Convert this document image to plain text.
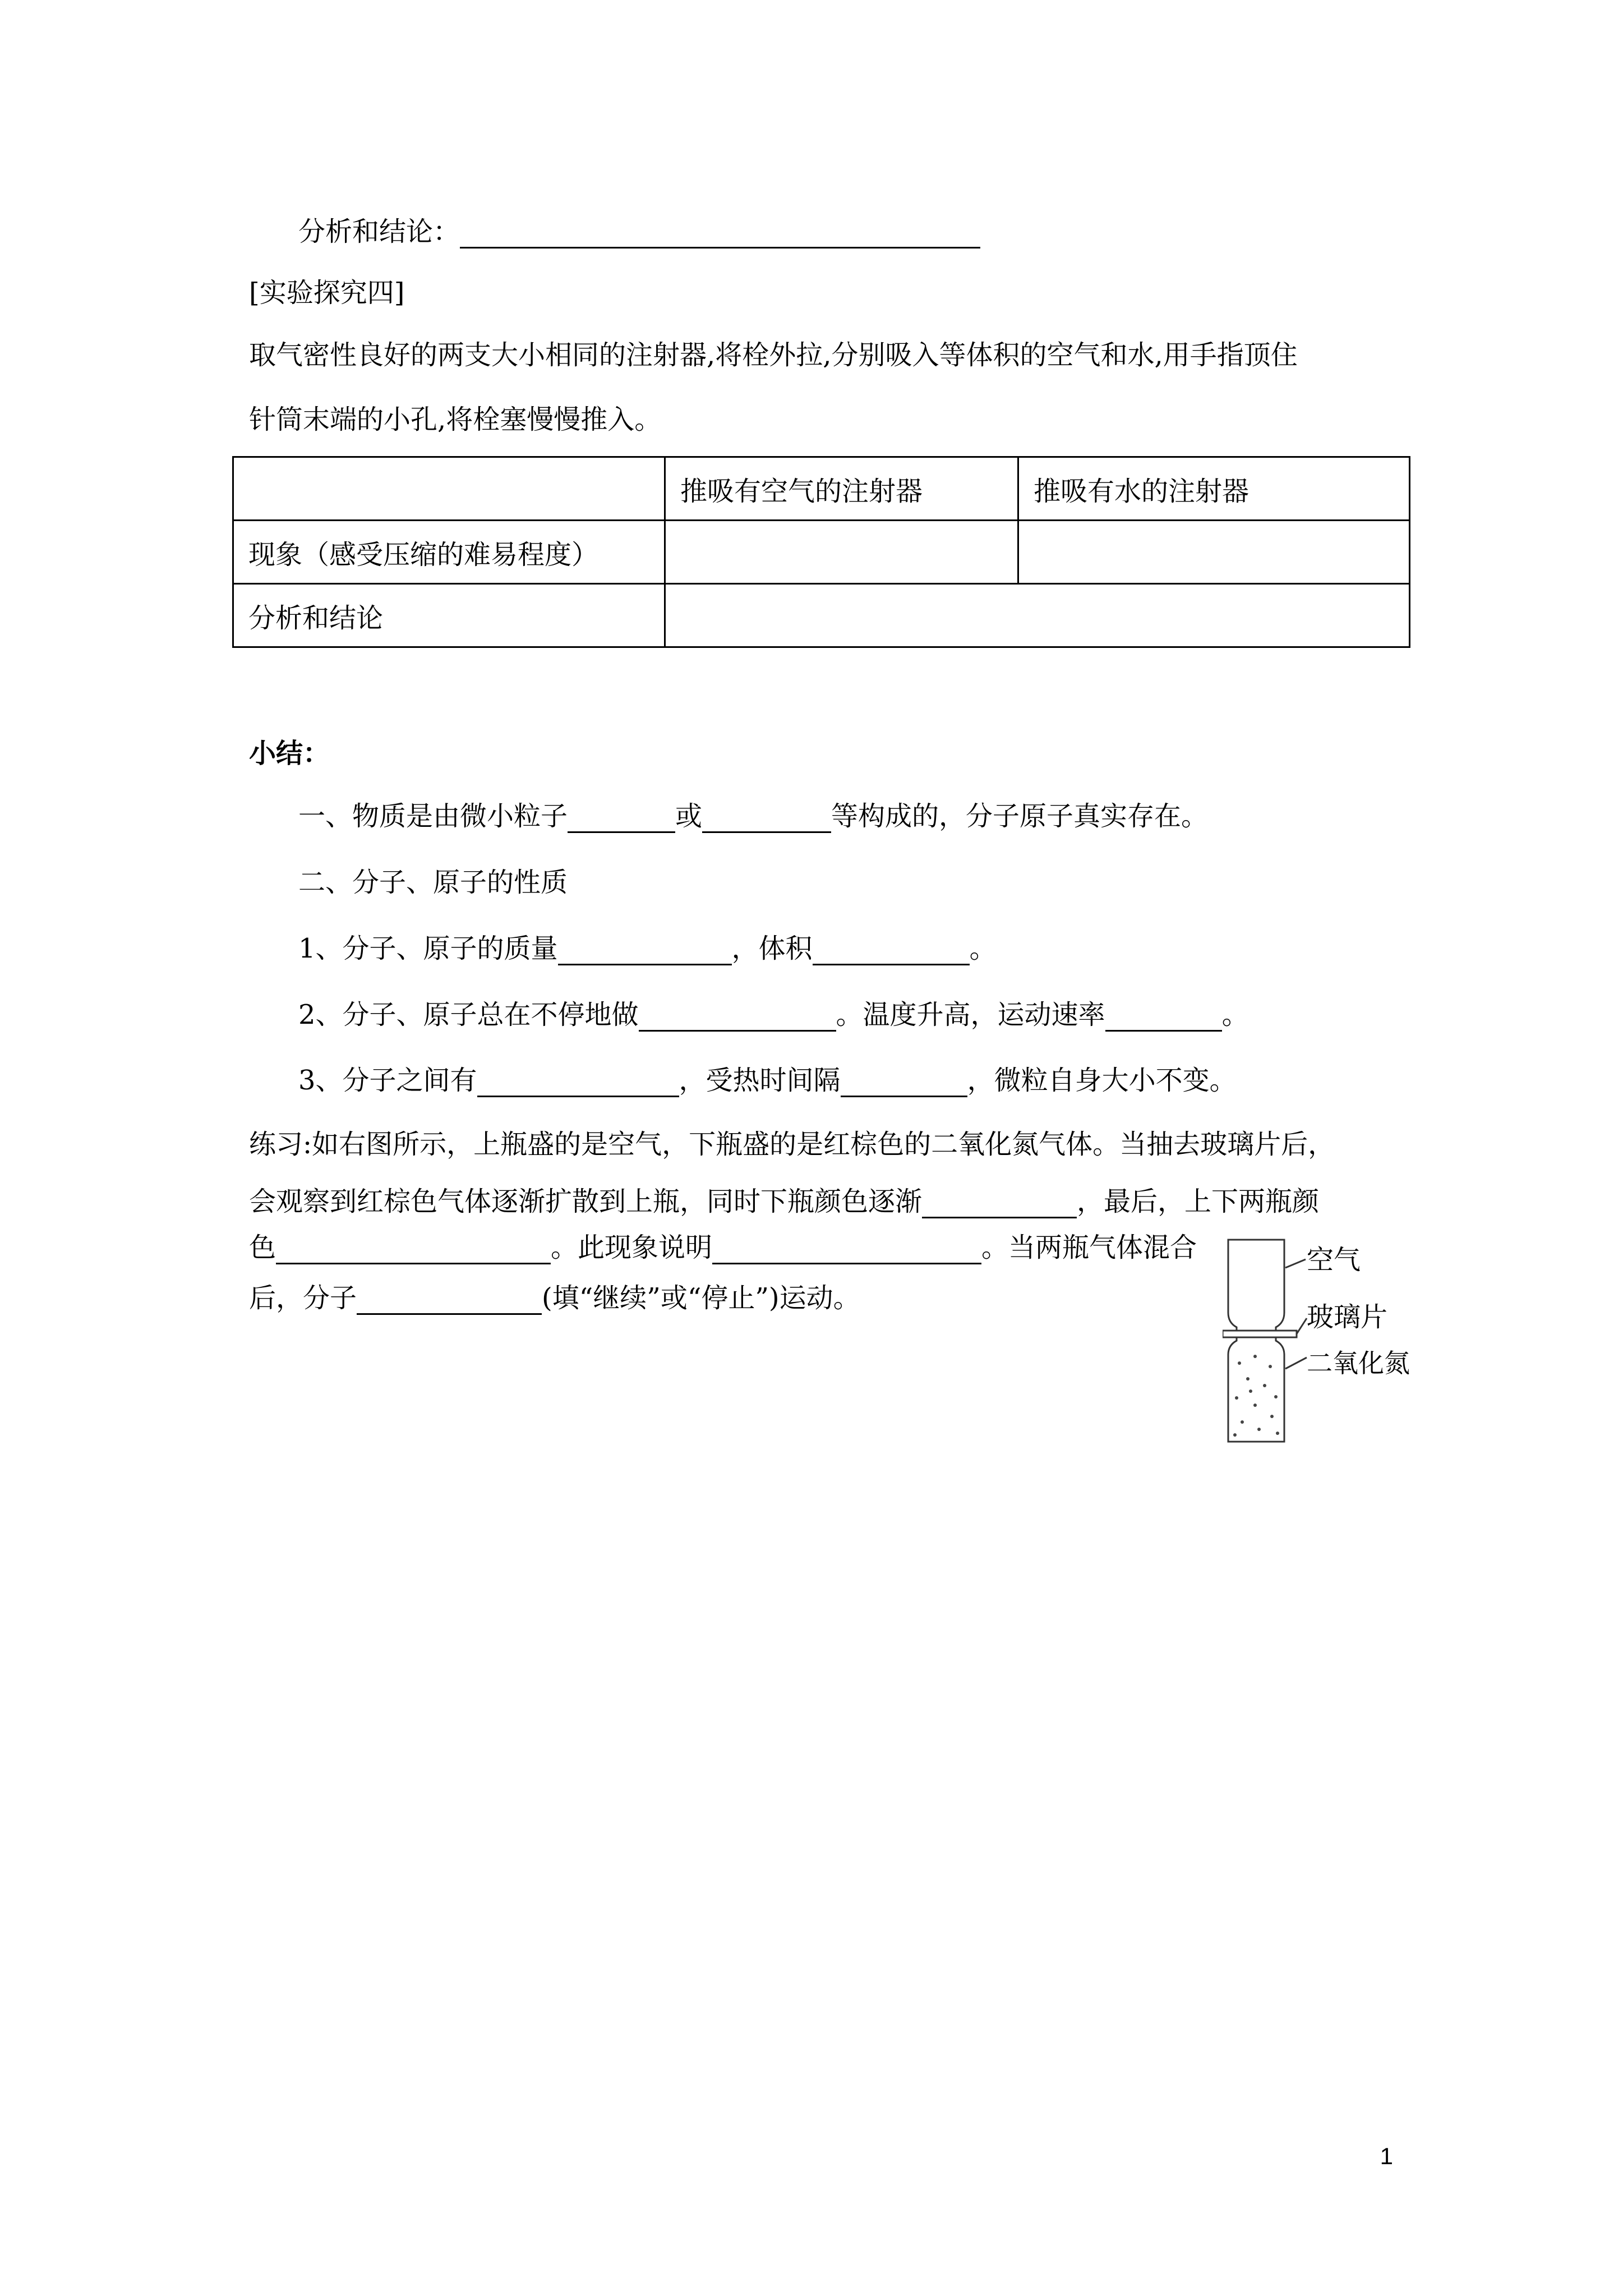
分析和结论：
[实验探究四]
取气密性良好的两支大小相同的注射器,将栓外拉,分别吸入等体积的空气和水,用手指顶住
针筒末端的小孔,将栓塞慢慢推入。
	推吸有空气的注射器	推吸有水的注射器
现象（感受压缩的难易程度）		
分析和结论		
小结：
一、物质是由微小粒子	或	等构成的，分子原子真实存在。
二、分子、原子的性质
1、分子、原子的质量	，体积	。
2、分子、原子总在不停地做	。温度升高，运动速率	。
3、分子之间有	，受热时间隔	，微粒自身大小不变。
练习:如右图所示，上瓶盛的是空气，下瓶盛的是红棕色的二氧化氮气体。当抽去玻璃片后，
会观察到红棕色气体逐渐扩散到上瓶，同时下瓶颜色逐渐	，最后，上下两瓶颜
色	。此现象说明	。当两瓶气体混合
后，分子	(填“继续”或“停止”)运动。
空气
玻璃片
二氧化氮
1
